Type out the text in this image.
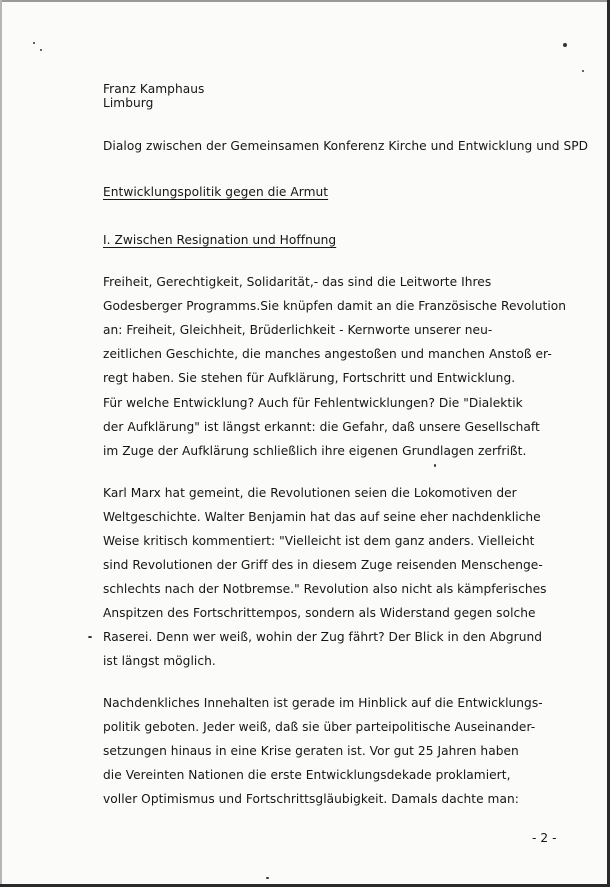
Franz Kamphaus
Limburg
Dialog zwischen der Gemeinsamen Konferenz Kirche und Entwicklung und SPD
Entwicklungspolitik gegen die Armut
I. Zwischen Resignation und Hoffnung
Freiheit, Gerechtigkeit, Solidarität,- das sind die Leitworte Ihres
Godesberger Programms.Sie knüpfen damit an die Französische Revolution
an: Freiheit, Gleichheit, Brüderlichkeit - Kernworte unserer neu-
zeitlichen Geschichte, die manches angestoßen und manchen Anstoß er-
regt haben. Sie stehen für Aufklärung, Fortschritt und Entwicklung.
Für welche Entwicklung? Auch für Fehlentwicklungen? Die "Dialektik
der Aufklärung" ist längst erkannt: die Gefahr, daß unsere Gesellschaft
im Zuge der Aufklärung schließlich ihre eigenen Grundlagen zerfrißt.
Karl Marx hat gemeint, die Revolutionen seien die Lokomotiven der
Weltgeschichte. Walter Benjamin hat das auf seine eher nachdenkliche
Weise kritisch kommentiert: "Vielleicht ist dem ganz anders. Vielleicht
sind Revolutionen der Griff des in diesem Zuge reisenden Menschenge-
schlechts nach der Notbremse." Revolution also nicht als kämpferisches
Anspitzen des Fortschrittempos, sondern als Widerstand gegen solche
Raserei. Denn wer weiß, wohin der Zug fährt? Der Blick in den Abgrund
ist längst möglich.
Nachdenkliches Innehalten ist gerade im Hinblick auf die Entwicklungs-
politik geboten. Jeder weiß, daß sie über parteipolitische Auseinander-
setzungen hinaus in eine Krise geraten ist. Vor gut 25 Jahren haben
die Vereinten Nationen die erste Entwicklungsdekade proklamiert,
voller Optimismus und Fortschrittsgläubigkeit. Damals dachte man:
- 2 -
